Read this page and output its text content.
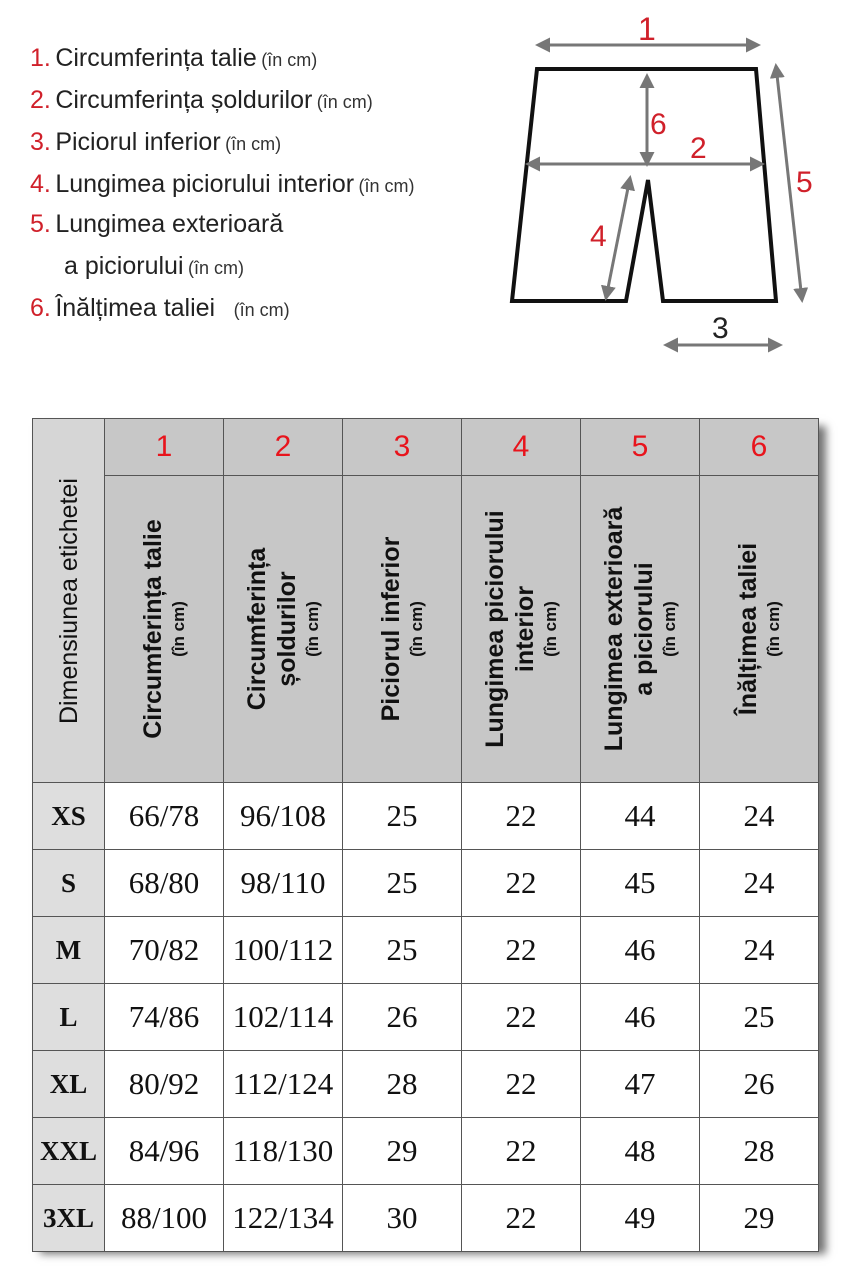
1. Circumferința talie (în cm)
2. Circumferința șoldurilor (în cm)
3. Piciorul inferior (în cm)
4. Lungimea piciorului interior (în cm)
5. Lungimea exterioară
a piciorului (în cm)
6. Înălțimea taliei (în cm)
1
2
3
4
5
6
Dimensiunea etichetei	1	2	3	4	5	6

	Circumferința talie (în cm)	Circumferința șoldurilor (în cm)	Piciorul inferior (în cm)	Lungimea piciorului interior (în cm)	Lungimea exterioară a piciorului (în cm)	Înălțimea taliei (în cm)

XS	66/78	96/108	25	22	44	24
S	68/80	98/110	25	22	45	24
M	70/82	100/112	25	22	46	24
L	74/86	102/114	26	22	46	25
XL	80/92	112/124	28	22	47	26
XXL	84/96	118/130	29	22	48	28
3XL	88/100	122/134	30	22	49	29
